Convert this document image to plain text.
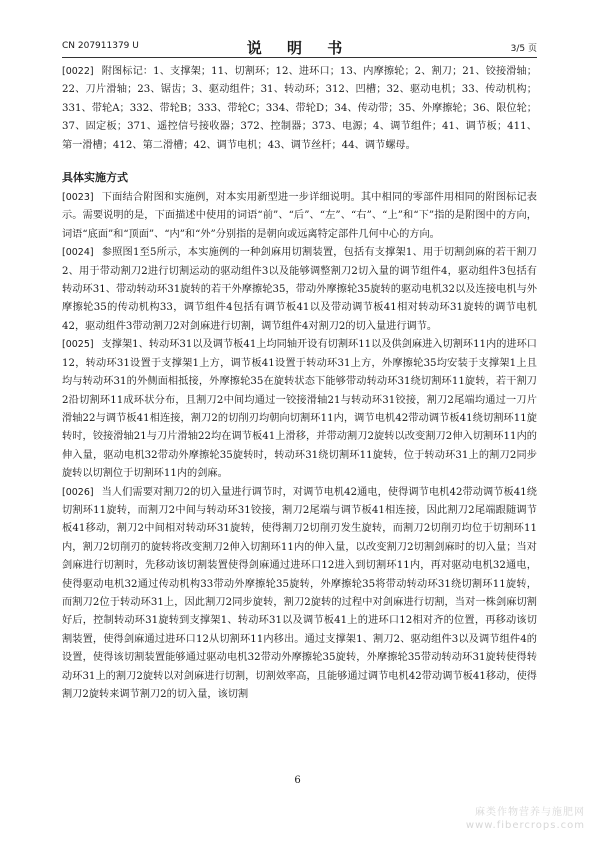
CN 207911379 U	说 明 书	3/5 页

[0022] 附图标记：1、支撑架；11、切割环；12、进环口；13、内摩擦轮；2、割刀；21、铰接滑轴；22、刀片滑轴；23、锯齿；3、驱动组件；31、转动环；312、凹槽；32、驱动电机；33、传动机构；331、带轮A；332、带轮B；333、带轮C；334、带轮D；34、传动带；35、外摩擦轮；36、限位轮；37、固定板；371、遥控信号接收器；372、控制器；373、电源；4、调节组件；41、调节板；411、第一滑槽；412、第二滑槽；42、调节电机；43、调节丝杆；44、调节螺母。

具体实施方式

[0023] 下面结合附图和实施例，对本实用新型进一步详细说明。其中相同的零部件用相同的附图标记表示。需要说明的是，下面描述中使用的词语“前”、“后”、“左”、“右”、“上”和“下”指的是附图中的方向，词语“底面”和“顶面”、“内”和“外”分别指的是朝向或远离特定部件几何中心的方向。

[0024] 参照图1至5所示，本实施例的一种剑麻用切割装置，包括有支撑架1、用于切割剑麻的若干割刀2、用于带动割刀2进行切割运动的驱动组件3以及能够调整割刀2切入量的调节组件4，驱动组件3包括有转动环31、带动转动环31旋转的若干外摩擦轮35，带动外摩擦轮35旋转的驱动电机32以及连接电机与外摩擦轮35的传动机构33，调节组件4包括有调节板41以及带动调节板41相对转动环31旋转的调节电机42，驱动组件3带动割刀2对剑麻进行切割，调节组件4对割刀2的切入量进行调节。

[0025] 支撑架1、转动环31以及调节板41上均同轴开设有切割环11以及供剑麻进入切割环11内的进环口12，转动环31设置于支撑架1上方，调节板41设置于转动环31上方，外摩擦轮35均安装于支撑架1上且均与转动环31的外侧面相抵接，外摩擦轮35在旋转状态下能够带动转动环31绕切割环11旋转，若干割刀2沿切割环11成环状分布，且割刀2中间均通过一铰接滑轴21与转动环31铰接，割刀2尾端均通过一刀片滑轴22与调节板41相连接，割刀2的切削刃均朝向切割环11内，调节电机42带动调节板41绕切割环11旋转时，铰接滑轴21与刀片滑轴22均在调节板41上滑移，并带动割刀2旋转以改变割刀2伸入切割环11内的伸入量，驱动电机32带动外摩擦轮35旋转时，转动环31绕切割环11旋转，位于转动环31上的割刀2同步旋转以切割位于切割环11内的剑麻。

[0026] 当人们需要对割刀2的切入量进行调节时，对调节电机42通电，使得调节电机42带动调节板41绕切割环11旋转，而割刀2中间与转动环31铰接，割刀2尾端与调节板41相连接，因此割刀2尾端跟随调节板41移动，割刀2中间相对转动环31旋转，使得割刀2切削刃发生旋转，而割刀2切削刃均位于切割环11内，割刀2切削刃的旋转将改变割刀2伸入切割环11内的伸入量，以改变割刀2切割剑麻时的切入量；当对剑麻进行切割时，先移动该切割装置使得剑麻通过进环口12进入到切割环11内，再对驱动电机32通电，使得驱动电机32通过传动机构33带动外摩擦轮35旋转，外摩擦轮35将带动转动环31绕切割环11旋转，而割刀2位于转动环31上，因此割刀2同步旋转，割刀2旋转的过程中对剑麻进行切割，当对一株剑麻切割好后，控制转动环31旋转到支撑架1、转动环31以及调节板41上的进环口12相对齐的位置，再移动该切割装置，使得剑麻通过进环口12从切割环11内移出。通过支撑架1、割刀2、驱动组件3以及调节组件4的设置，使得该切割装置能够通过驱动电机32带动外摩擦轮35旋转，外摩擦轮35带动转动环31旋转使得转动环31上的割刀2旋转以对剑麻进行切割，切割效率高，且能够通过调节电机42带动调节板41移动，使得割刀2旋转来调节割刀2的切入量，该切割

6
麻类作物营养与施肥网
www.fibercrops.com
